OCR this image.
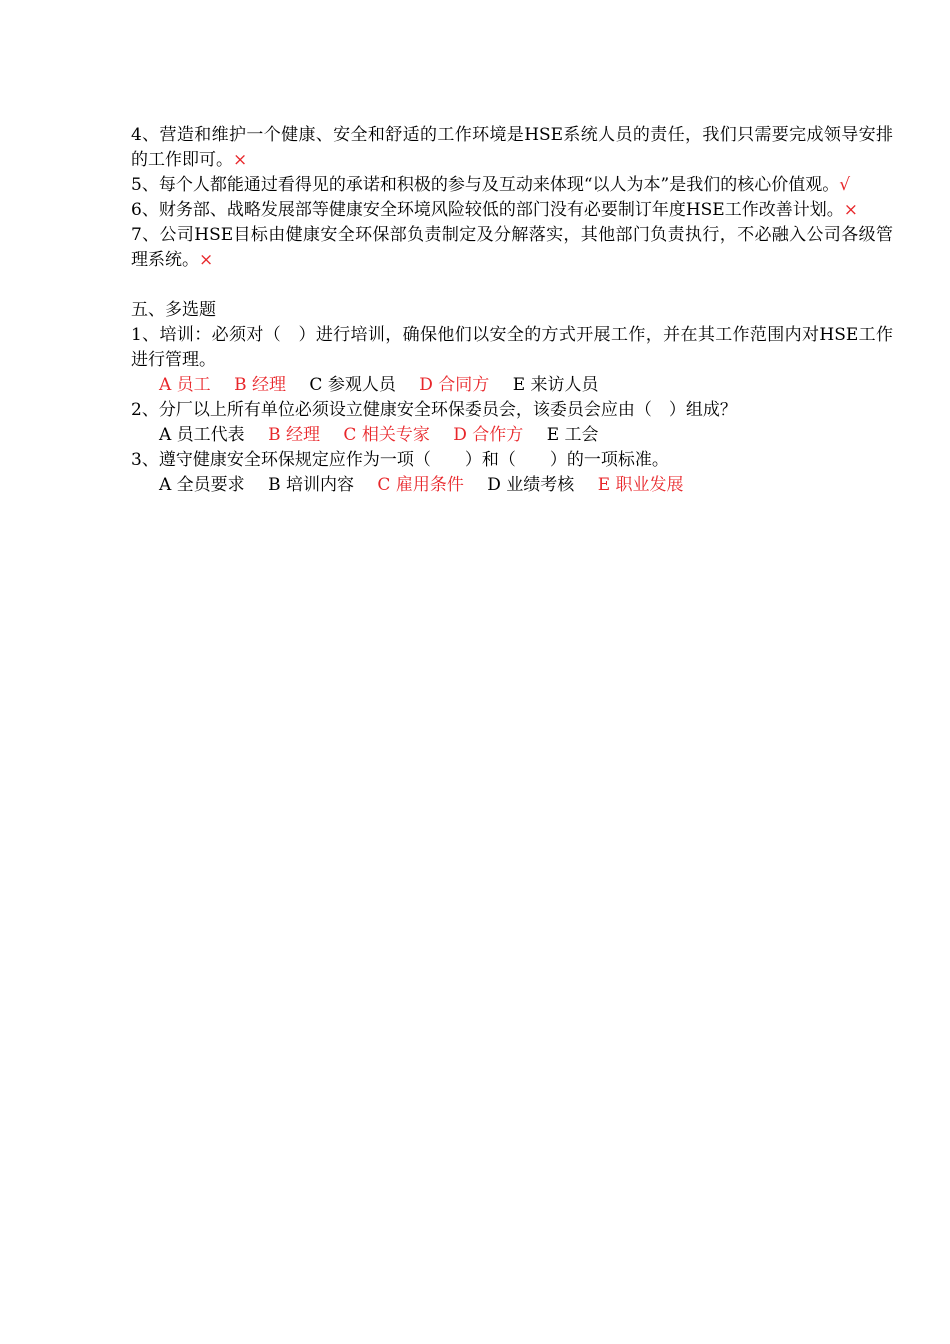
4、营造和维护一个健康、安全和舒适的工作环境是HSE系统人员的责任，我们只需要完成领导安排的工作即可。×

5、每个人都能通过看得见的承诺和积极的参与及互动来体现“以人为本”是我们的核心价值观。√

6、财务部、战略发展部等健康安全环境风险较低的部门没有必要制订年度HSE工作改善计划。×

7、公司HSE目标由健康安全环保部负责制定及分解落实，其他部门负责执行，不必融入公司各级管理系统。×

五、多选题

1、培训：必须对（　）进行培训，确保他们以安全的方式开展工作，并在其工作范围内对HSE工作进行管理。

A 员工 B 经理 C 参观人员 D 合同方 E 来访人员

2、分厂以上所有单位必须设立健康安全环保委员会，该委员会应由（　）组成？

A 员工代表 B 经理 C 相关专家 D 合作方 E 工会

3、遵守健康安全环保规定应作为一项（　　）和（　　）的一项标准。

A 全员要求 B 培训内容 C 雇用条件 D 业绩考核 E 职业发展
